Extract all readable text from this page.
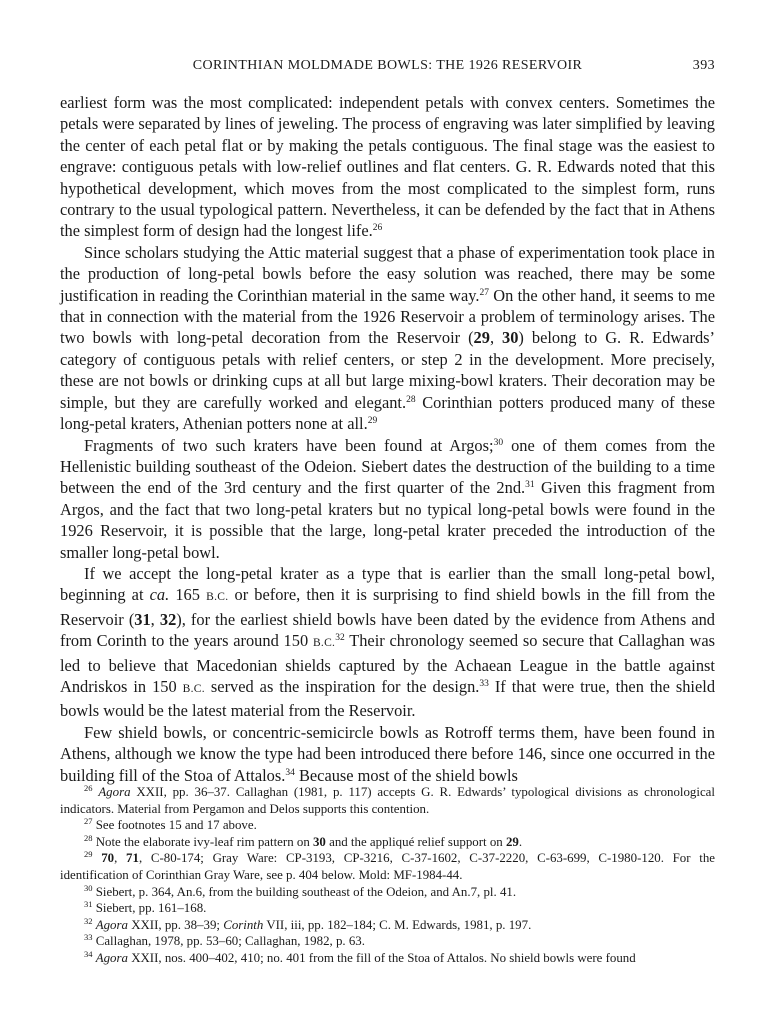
CORINTHIAN MOLDMADE BOWLS: THE 1926 RESERVOIR	393

earliest form was the most complicated: independent petals with convex centers. Sometimes the petals were separated by lines of jeweling. The process of engraving was later simplified by leaving the center of each petal flat or by making the petals contiguous. The final stage was the easiest to engrave: contiguous petals with low-relief outlines and flat centers. G. R. Edwards noted that this hypothetical development, which moves from the most complicated to the simplest form, runs contrary to the usual typological pattern. Nevertheless, it can be defended by the fact that in Athens the simplest form of design had the longest life.$^{26}$

Since scholars studying the Attic material suggest that a phase of experimentation took place in the production of long-petal bowls before the easy solution was reached, there may be some justification in reading the Corinthian material in the same way.$^{27}$ On the other hand, it seems to me that in connection with the material from the 1926 Reservoir a problem of terminology arises. The two bowls with long-petal decoration from the Reservoir (29, 30) belong to G. R. Edwards’ category of contiguous petals with relief centers, or step 2 in the development. More precisely, these are not bowls or drinking cups at all but large mixing-bowl kraters. Their decoration may be simple, but they are carefully worked and elegant.$^{28}$ Corinthian potters produced many of these long-petal kraters, Athenian potters none at all.$^{29}$

Fragments of two such kraters have been found at Argos;$^{30}$ one of them comes from the Hellenistic building southeast of the Odeion. Siebert dates the destruction of the building to a time between the end of the 3rd century and the first quarter of the 2nd.$^{31}$ Given this fragment from Argos, and the fact that two long-petal kraters but no typical long-petal bowls were found in the 1926 Reservoir, it is possible that the large, long-petal krater preceded the introduction of the smaller long-petal bowl.

If we accept the long-petal krater as a type that is earlier than the small long-petal bowl, beginning at ca. 165 B.C. or before, then it is surprising to find shield bowls in the fill from the Reservoir (31, 32), for the earliest shield bowls have been dated by the evidence from Athens and from Corinth to the years around 150 B.C.$^{32}$ Their chronology seemed so secure that Callaghan was led to believe that Macedonian shields captured by the Achaean League in the battle against Andriskos in 150 B.C. served as the inspiration for the design.$^{33}$ If that were true, then the shield bowls would be the latest material from the Reservoir.

Few shield bowls, or concentric-semicircle bowls as Rotroff terms them, have been found in Athens, although we know the type had been introduced there before 146, since one occurred in the building fill of the Stoa of Attalos.$^{34}$ Because most of the shield bowls

$^{26}$ Agora XXII, pp. 36–37. Callaghan (1981, p. 117) accepts G. R. Edwards’ typological divisions as chronological indicators. Material from Pergamon and Delos supports this contention.

$^{27}$ See footnotes 15 and 17 above.

$^{28}$ Note the elaborate ivy-leaf rim pattern on 30 and the appliqué relief support on 29.

$^{29}$ 70, 71, C-80-174; Gray Ware: CP-3193, CP-3216, C-37-1602, C-37-2220, C-63-699, C-1980-120. For the identification of Corinthian Gray Ware, see p. 404 below. Mold: MF-1984-44.

$^{30}$ Siebert, p. 364, An.6, from the building southeast of the Odeion, and An.7, pl. 41.

$^{31}$ Siebert, pp. 161–168.

$^{32}$ Agora XXII, pp. 38–39; Corinth VII, iii, pp. 182–184; C. M. Edwards, 1981, p. 197.

$^{33}$ Callaghan, 1978, pp. 53–60; Callaghan, 1982, p. 63.

$^{34}$ Agora XXII, nos. 400–402, 410; no. 401 from the fill of the Stoa of Attalos. No shield bowls were found
